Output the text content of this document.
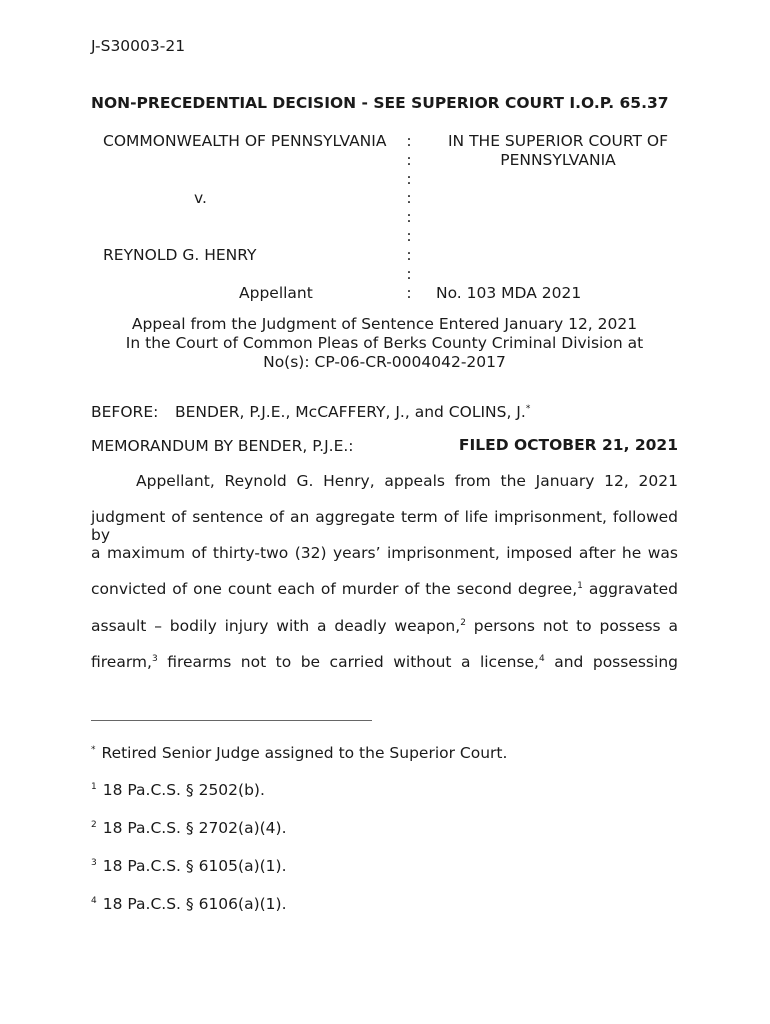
J-S30003-21
NON-PRECEDENTIAL DECISION - SEE SUPERIOR COURT I.O.P. 65.37
COMMONWEALTH OF PENNSYLVANIA
v.
REYNOLD G. HENRY
Appellant
:
:
:
:
:
:
:
:
:
IN THE SUPERIOR COURT OF PENNSYLVANIA
No. 103 MDA 2021
Appeal from the Judgment of Sentence Entered January 12, 2021
In the Court of Common Pleas of Berks County Criminal Division at
No(s): CP-06-CR-0004042-2017
BEFORE: BENDER, P.J.E., McCAFFERY, J., and COLINS, J.*
MEMORANDUM BY BENDER, P.J.E.:	FILED OCTOBER 21, 2021
Appellant, Reynold G. Henry, appeals from the January 12, 2021
judgment of sentence of an aggregate term of life imprisonment, followed by
a maximum of thirty-two (32) years’ imprisonment, imposed after he was
convicted of one count each of murder of the second degree,$^1$ aggravated
assault – bodily injury with a deadly weapon,$^2$ persons not to possess a
firearm,$^3$ firearms not to be carried without a license,$^4$ and possessing
* Retired Senior Judge assigned to the Superior Court.
$^1$ 18 Pa.C.S. § 2502(b).
$^2$ 18 Pa.C.S. § 2702(a)(4).
$^3$ 18 Pa.C.S. § 6105(a)(1).
$^4$ 18 Pa.C.S. § 6106(a)(1).
